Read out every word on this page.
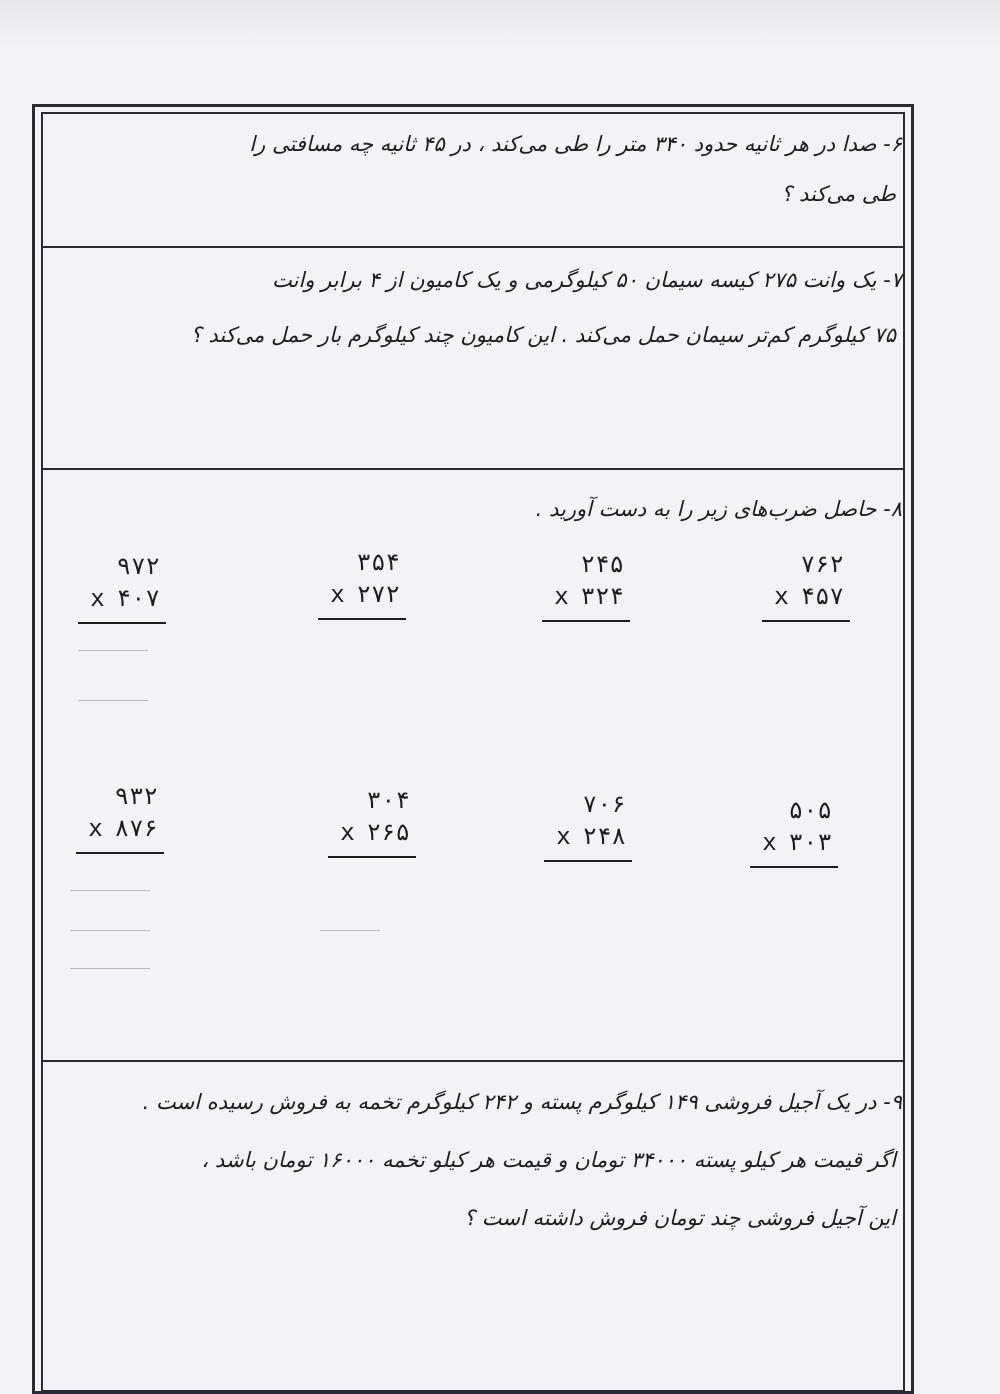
۶- صدا در هر ثانیه حدود ۳۴۰ متر را طی می‌کند ، در ۴۵ ثانیه چه مسافتی را
طی می‌کند ؟
۷- یک وانت ۲۷۵ کیسه سیمان ۵۰ کیلوگرمی و یک کامیون از ۴ برابر وانت
۷۵ کیلوگرم کم‌تر سیمان حمل می‌کند . این کامیون چند کیلوگرم بار حمل می‌کند ؟
۸- حاصل ضرب‌های زیر را به دست آورید .
۷۶۲
x۴۵۷
۲۴۵
x۳۲۴
۳۵۴
x۲۷۲
۹۷۲
x۴۰۷
۵۰۵
x۳۰۳
۷۰۶
x۲۴۸
۳۰۴
x۲۶۵
۹۳۲
x۸۷۶
۹- در یک آجیل فروشی ۱۴۹ کیلوگرم پسته و ۲۴۲ کیلوگرم تخمه به فروش رسیده است .
اگر قیمت هر کیلو پسته ۳۴۰۰۰ تومان و قیمت هر کیلو تخمه ۱۶۰۰۰ تومان باشد ،
این آجیل فروشی چند تومان فروش داشته است ؟
